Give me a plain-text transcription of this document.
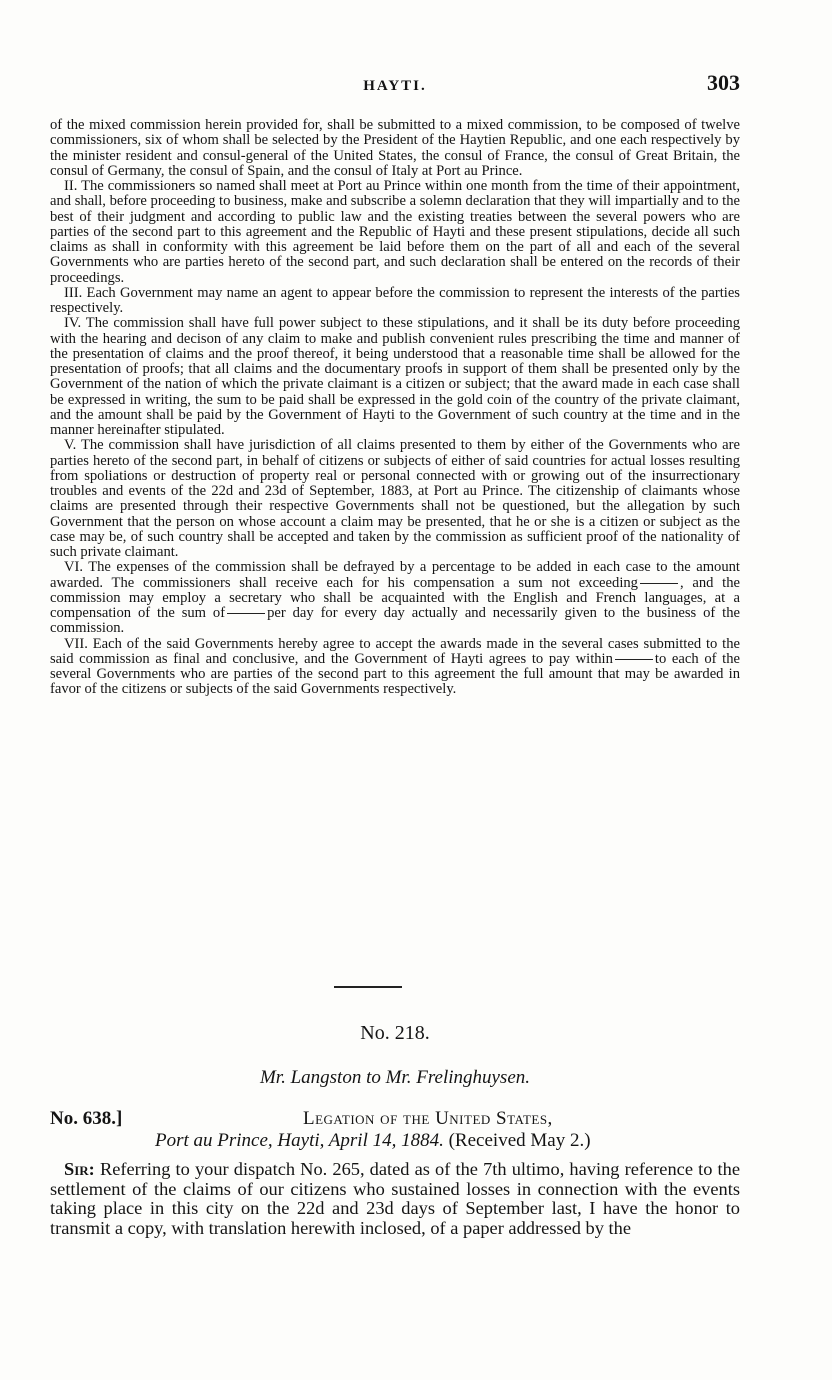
HAYTI.	303

of the mixed commission herein provided for, shall be submitted to a mixed commission, to be composed of twelve commissioners, six of whom shall be selected by the President of the Haytien Republic, and one each respectively by the minister resident and consul-general of the United States, the consul of France, the consul of Great Britain, the consul of Germany, the consul of Spain, and the consul of Italy at Port au Prince.

II. The commissioners so named shall meet at Port au Prince within one month from the time of their appointment, and shall, before proceeding to business, make and subscribe a solemn declaration that they will impartially and to the best of their judgment and according to public law and the existing treaties between the several powers who are parties of the second part to this agreement and the Republic of Hayti and these present stipulations, decide all such claims as shall in conformity with this agreement be laid before them on the part of all and each of the several Governments who are parties hereto of the second part, and such declaration shall be entered on the records of their proceedings.

III. Each Government may name an agent to appear before the commission to represent the interests of the parties respectively.

IV. The commission shall have full power subject to these stipulations, and it shall be its duty before proceeding with the hearing and decison of any claim to make and publish convenient rules prescribing the time and manner of the presentation of claims and the proof thereof, it being understood that a reasonable time shall be allowed for the presentation of proofs; that all claims and the documentary proofs in support of them shall be presented only by the Government of the nation of which the private claimant is a citizen or subject; that the award made in each case shall be expressed in writing, the sum to be paid shall be expressed in the gold coin of the country of the private claimant, and the amount shall be paid by the Government of Hayti to the Government of such country at the time and in the manner hereinafter stipulated.

V. The commission shall have jurisdiction of all claims presented to them by either of the Governments who are parties hereto of the second part, in behalf of citizens or subjects of either of said countries for actual losses resulting from spoliations or destruction of property real or personal connected with or growing out of the insurrectionary troubles and events of the 22d and 23d of September, 1883, at Port au Prince. The citizenship of claimants whose claims are presented through their respective Governments shall not be questioned, but the allegation by such Government that the person on whose account a claim may be presented, that he or she is a citizen or subject as the case may be, of such country shall be accepted and taken by the commission as sufficient proof of the nationality of such private claimant.

VI. The expenses of the commission shall be defrayed by a percentage to be added in each case to the amount awarded. The commissioners shall receive each for his compensation a sum not exceeding	, and the commission may employ a secretary who shall be acquainted with the English and French languages, at a compensation of the sum of	per day for every day actually and necessarily given to the business of the commission.

VII. Each of the said Governments hereby agree to accept the awards made in the several cases submitted to the said commission as final and conclusive, and the Government of Hayti agrees to pay within	to each of the several Governments who are parties of the second part to this agreement the full amount that may be awarded in favor of the citizens or subjects of the said Governments respectively.

No. 218.
Mr. Langston to Mr. Frelinghuysen.
No. 638.]	Legation of the United States,
Port au Prince, Hayti, April 14, 1884. (Received May 2.)

Sir: Referring to your dispatch No. 265, dated as of the 7th ultimo, having reference to the settlement of the claims of our citizens who sustained losses in connection with the events taking place in this city on the 22d and 23d days of September last, I have the honor to transmit a copy, with translation herewith inclosed, of a paper addressed by the
